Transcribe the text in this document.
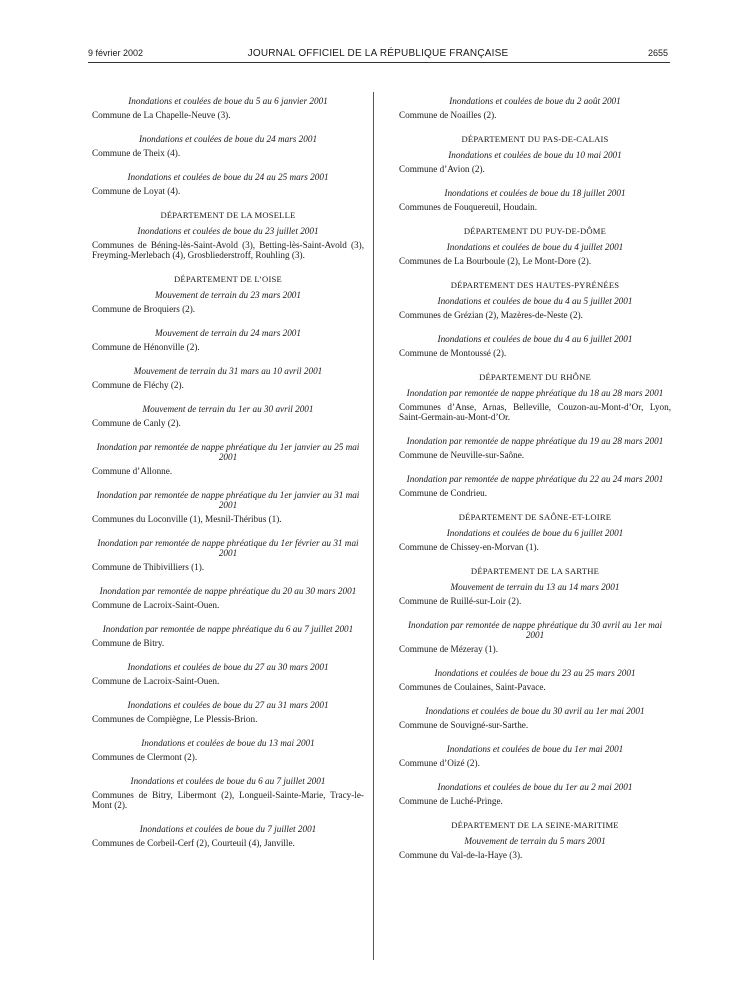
9 février 2002	JOURNAL OFFICIEL DE LA RÉPUBLIQUE FRANÇAISE	2655

Inondations et coulées de boue du 5 au 6 janvier 2001

Commune de La Chapelle-Neuve (3).

Inondations et coulées de boue du 24 mars 2001

Commune de Theix (4).

Inondations et coulées de boue du 24 au 25 mars 2001

Commune de Loyat (4).

DÉPARTEMENT DE LA MOSELLE

Inondations et coulées de boue du 23 juillet 2001

Communes de Béning-lès-Saint-Avold (3), Betting-lès-Saint-Avold (3), Freyming-Merlebach (4), Grosbliederstroff, Rouhling (3).

DÉPARTEMENT DE L’OISE

Mouvement de terrain du 23 mars 2001

Commune de Broquiers (2).

Mouvement de terrain du 24 mars 2001

Commune de Hénonville (2).

Mouvement de terrain du 31 mars au 10 avril 2001

Commune de Fléchy (2).

Mouvement de terrain du 1er au 30 avril 2001

Commune de Canly (2).

Inondation par remontée de nappe phréatique du 1er janvier au 25 mai 2001

Commune d’Allonne.

Inondation par remontée de nappe phréatique du 1er janvier au 31 mai 2001

Communes du Loconville (1), Mesnil-Théribus (1).

Inondation par remontée de nappe phréatique du 1er février au 31 mai 2001

Commune de Thibivilliers (1).

Inondation par remontée de nappe phréatique du 20 au 30 mars 2001

Commune de Lacroix-Saint-Ouen.

Inondation par remontée de nappe phréatique du 6 au 7 juillet 2001

Commune de Bitry.

Inondations et coulées de boue du 27 au 30 mars 2001

Commune de Lacroix-Saint-Ouen.

Inondations et coulées de boue du 27 au 31 mars 2001

Communes de Compiègne, Le Plessis-Brion.

Inondations et coulées de boue du 13 mai 2001

Communes de Clermont (2).

Inondations et coulées de boue du 6 au 7 juillet 2001

Communes de Bitry, Libermont (2), Longueil-Sainte-Marie, Tracy-le-Mont (2).

Inondations et coulées de boue du 7 juillet 2001

Communes de Corbeil-Cerf (2), Courteuil (4), Janville.

Inondations et coulées de boue du 2 août 2001

Commune de Noailles (2).

DÉPARTEMENT DU PAS-DE-CALAIS

Inondations et coulées de boue du 10 mai 2001

Commune d’Avion (2).

Inondations et coulées de boue du 18 juillet 2001

Communes de Fouquereuil, Houdain.

DÉPARTEMENT DU PUY-DE-DÔME

Inondations et coulées de boue du 4 juillet 2001

Communes de La Bourboule (2), Le Mont-Dore (2).

DÉPARTEMENT DES HAUTES-PYRÉNÉES

Inondations et coulées de boue du 4 au 5 juillet 2001

Communes de Grézian (2), Mazères-de-Neste (2).

Inondations et coulées de boue du 4 au 6 juillet 2001

Commune de Montoussé (2).

DÉPARTEMENT DU RHÔNE

Inondation par remontée de nappe phréatique du 18 au 28 mars 2001

Communes d’Anse, Arnas, Belleville, Couzon-au-Mont-d’Or, Lyon, Saint-Germain-au-Mont-d’Or.

Inondation par remontée de nappe phréatique du 19 au 28 mars 2001

Commune de Neuville-sur-Saône.

Inondation par remontée de nappe phréatique du 22 au 24 mars 2001

Commune de Condrieu.

DÉPARTEMENT DE SAÔNE-ET-LOIRE

Inondations et coulées de boue du 6 juillet 2001

Commune de Chissey-en-Morvan (1).

DÉPARTEMENT DE LA SARTHE

Mouvement de terrain du 13 au 14 mars 2001

Commune de Ruillé-sur-Loir (2).

Inondation par remontée de nappe phréatique du 30 avril au 1er mai 2001

Commune de Mézeray (1).

Inondations et coulées de boue du 23 au 25 mars 2001

Communes de Coulaines, Saint-Pavace.

Inondations et coulées de boue du 30 avril au 1er mai 2001

Commune de Souvigné-sur-Sarthe.

Inondations et coulées de boue du 1er mai 2001

Commune d’Oizé (2).

Inondations et coulées de boue du 1er au 2 mai 2001

Commune de Luché-Pringe.

DÉPARTEMENT DE LA SEINE-MARITIME

Mouvement de terrain du 5 mars 2001

Commune du Val-de-la-Haye (3).
